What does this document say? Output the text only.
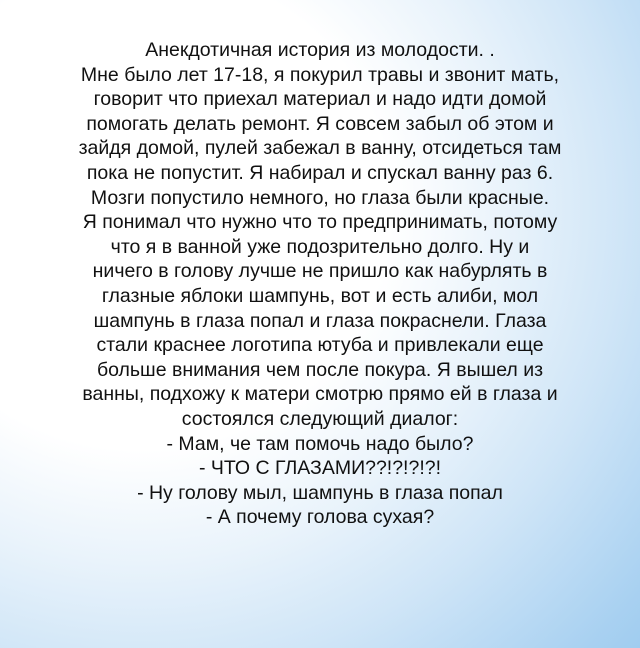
Анекдотичная история из молодости. .
Мне было лет 17-18, я покурил травы и звонит мать,
говорит что приехал материал и надо идти домой
помогать делать ремонт. Я совсем забыл об этом и
зайдя домой, пулей забежал в ванну, отсидеться там
пока не попустит. Я набирал и спускал ванну раз 6.
Мозги попустило немного, но глаза были красные.
Я понимал что нужно что то предпринимать, потому
что я в ванной уже подозрительно долго. Ну и
ничего в голову лучше не пришло как набурлять в
глазные яблоки шампунь, вот и есть алиби, мол
шампунь в глаза попал и глаза покраснели. Глаза
стали краснее логотипа ютуба и привлекали еще
больше внимания чем после покура. Я вышел из
ванны, подхожу к матери смотрю прямо ей в глаза и
состоялся следующий диалог:
- Мам, че там помочь надо было?
- ЧТО С ГЛАЗАМИ??!?!?!?!
- Ну голову мыл, шампунь в глаза попал
- А почему голова сухая?
